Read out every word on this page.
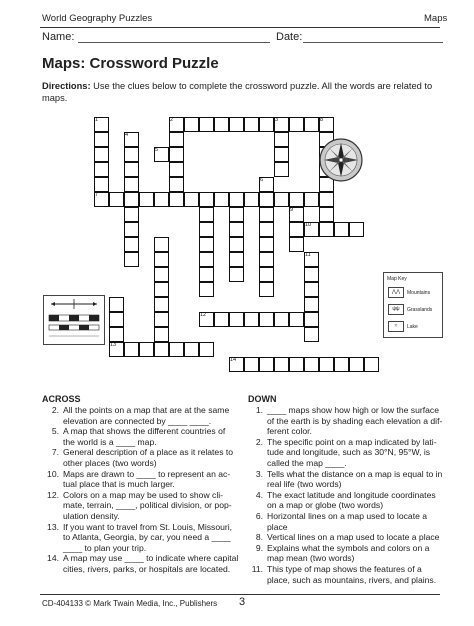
World Geography Puzzles	Maps
Name:	Date:
Maps: Crossword Puzzle
Directions: Use the clues below to complete the crossword puzzle. All the words are related to maps.
1	2	3
4
5
6
7
8
9
10
11
12
13
14
Map Key
⋀⋀ Mountains
ψψ Grasslands
≈ Lake
ACROSS
2. All the points on a map that are at the same
elevation are connected by ____ ____.
5. A map that shows the different countries of
the world is a ____ map.
7. General description of a place as it relates to
other places (two words)
10. Maps are drawn to ____ to represent an ac-
tual place that is much larger.
12. Colors on a map may be used to show cli-
mate, terrain, ____, political division, or pop-
ulation density.
13. If you want to travel from St. Louis, Missouri,
to Atlanta, Georgia, by car, you need a ____
____ to plan your trip.
14. A map may use ____ to indicate where capital
cities, rivers, parks, or hospitals are located.
DOWN
1. ____ maps show how high or low the surface
of the earth is by shading each elevation a dif-
ferent color.
2. The specific point on a map indicated by lati-
tude and longitude, such as 30°N, 95°W, is
called the map ____.
3. Tells what the distance on a map is equal to in
real life (two words)
4. The exact latitude and longitude coordinates
on a map or globe (two words)
6. Horizontal lines on a map used to locate a
place
8. Vertical lines on a map used to locate a place
9. Explains what the symbols and colors on a
map mean (two words)
11. This type of map shows the features of a
place, such as mountains, rivers, and plains.
CD-404133 © Mark Twain Media, Inc., Publishers 3
